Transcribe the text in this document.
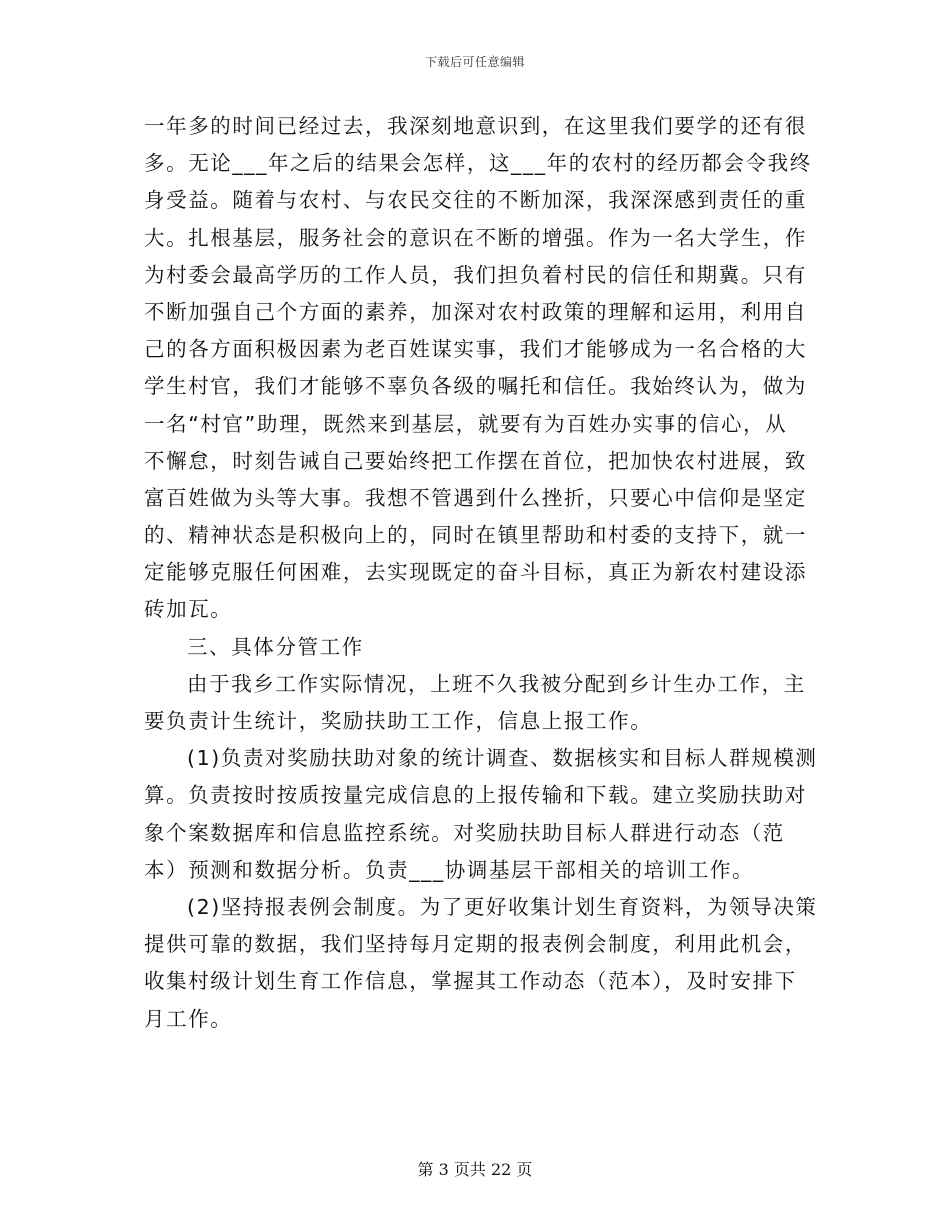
下载后可任意编辑
一年多的时间已经过去，我深刻地意识到，在这里我们要学的还有很
多。无论___年之后的结果会怎样，这___年的农村的经历都会令我终
身受益。随着与农村、与农民交往的不断加深，我深深感到责任的重
大。扎根基层，服务社会的意识在不断的增强。作为一名大学生，作
为村委会最高学历的工作人员，我们担负着村民的信任和期冀。只有
不断加强自己个方面的素养，加深对农村政策的理解和运用，利用自
己的各方面积极因素为老百姓谋实事，我们才能够成为一名合格的大
学生村官，我们才能够不辜负各级的嘱托和信任。我始终认为，做为
一名“村官”助理，既然来到基层，就要有为百姓办实事的信心，从
不懈怠，时刻告诫自己要始终把工作摆在首位，把加快农村进展，致
富百姓做为头等大事。我想不管遇到什么挫折，只要心中信仰是坚定
的、精神状态是积极向上的，同时在镇里帮助和村委的支持下，就一
定能够克服任何困难，去实现既定的奋斗目标，真正为新农村建设添
砖加瓦。
三、具体分管工作
由于我乡工作实际情况，上班不久我被分配到乡计生办工作，主
要负责计生统计，奖励扶助工工作，信息上报工作。
(1)负责对奖励扶助对象的统计调查、数据核实和目标人群规模测
算。负责按时按质按量完成信息的上报传输和下载。建立奖励扶助对
象个案数据库和信息监控系统。对奖励扶助目标人群进行动态（范
本）预测和数据分析。负责___协调基层干部相关的培训工作。
(2)坚持报表例会制度。为了更好收集计划生育资料，为领导决策
提供可靠的数据，我们坚持每月定期的报表例会制度，利用此机会，
收集村级计划生育工作信息，掌握其工作动态（范本），及时安排下
月工作。
第 3 页共 22 页
